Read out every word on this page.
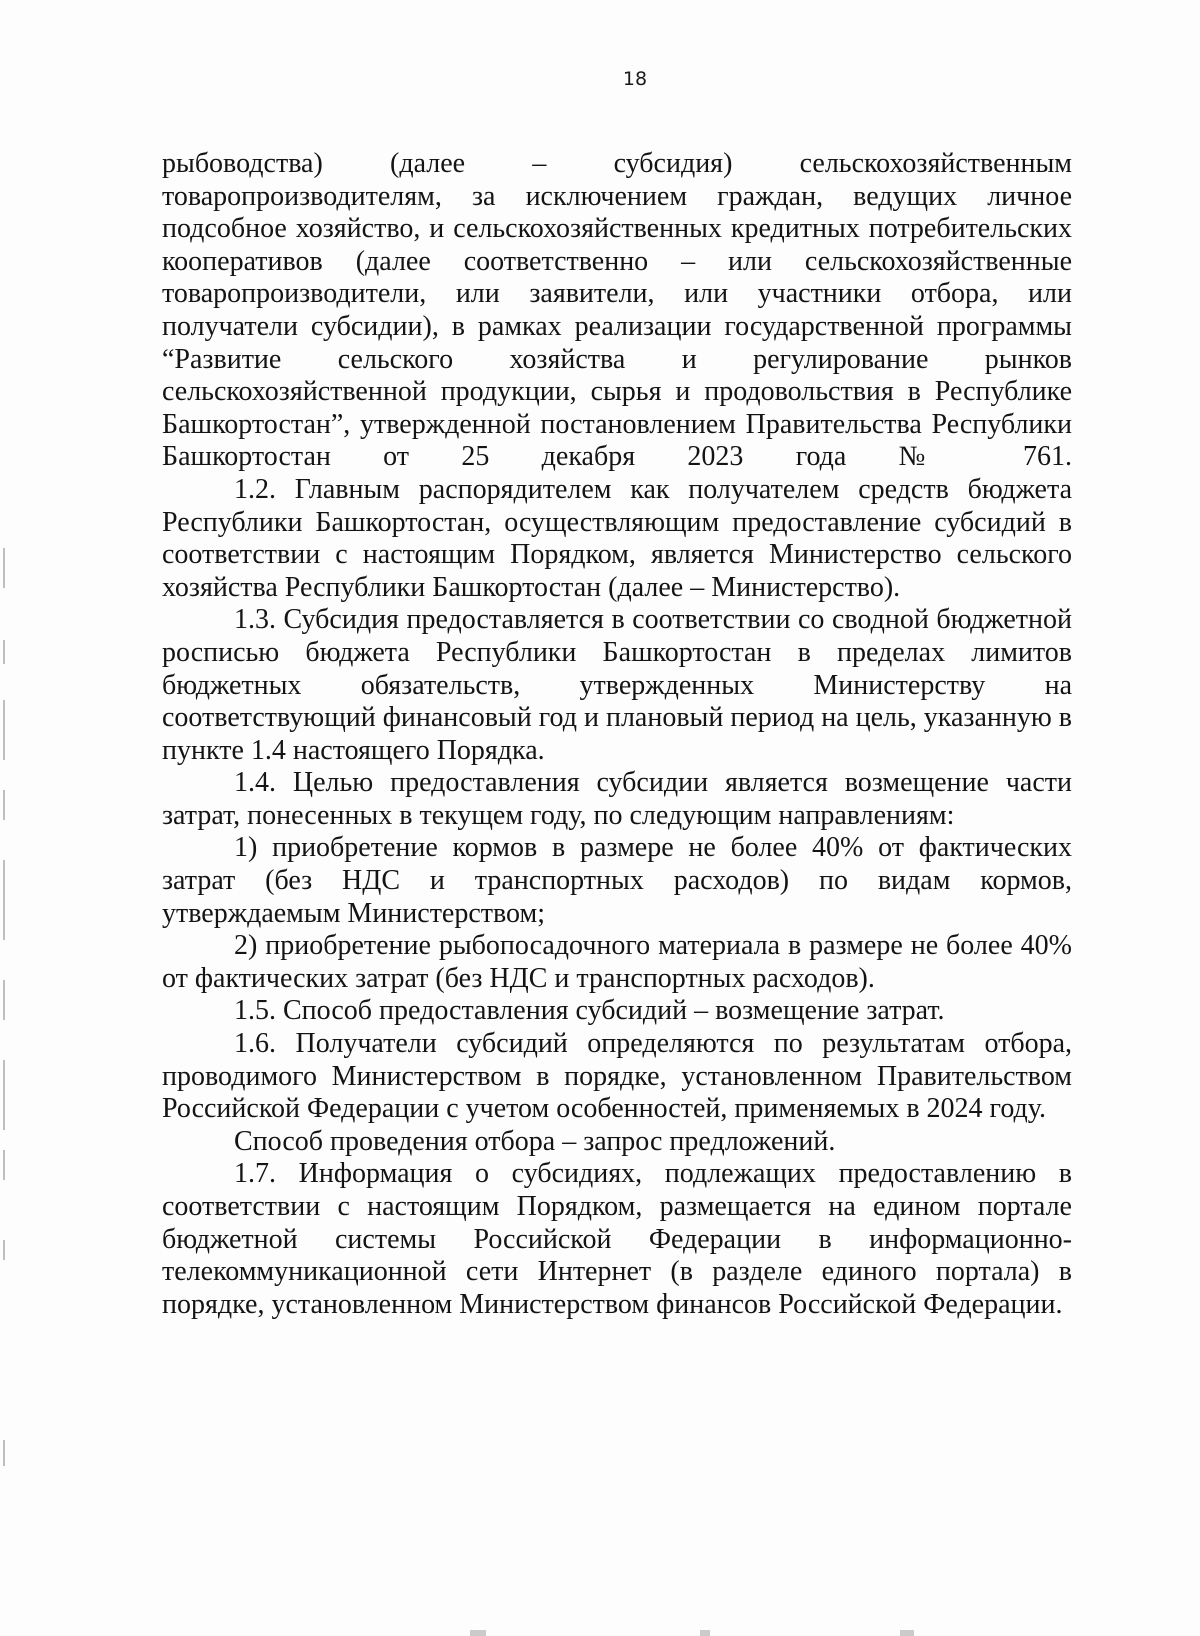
18

рыбоводства) (далее – субсидия) сельскохозяйственным товаропроизводителям, за исключением граждан, ведущих личное подсобное хозяйство, и сельскохозяйственных кредитных потребительских кооперативов (далее соответственно – или сельскохозяйственные товаропроизводители, или заявители, или участники отбора, или получатели субсидии), в рамках реализации государственной программы “Развитие сельского хозяйства и регулирование рынков сельскохозяйственной продукции, сырья и продовольствия в Республике Башкортостан”, утвержденной постановлением Правительства Республики Башкортостан от 25 декабря 2023 года № 761.

1.2. Главным распорядителем как получателем средств бюджета Республики Башкортостан, осуществляющим предоставление субсидий в соответствии с настоящим Порядком, является Министерство сельского хозяйства Республики Башкортостан (далее – Министерство).

1.3. Субсидия предоставляется в соответствии со сводной бюджетной росписью бюджета Республики Башкортостан в пределах лимитов бюджетных обязательств, утвержденных Министерству на соответствующий финансовый год и плановый период на цель, указанную в пункте 1.4 настоящего Порядка.

1.4. Целью предоставления субсидии является возмещение части затрат, понесенных в текущем году, по следующим направлениям:

1) приобретение кормов в размере не более 40% от фактических затрат (без НДС и транспортных расходов) по видам кормов, утверждаемым Министерством;

2) приобретение рыбопосадочного материала в размере не более 40% от фактических затрат (без НДС и транспортных расходов).

1.5. Способ предоставления субсидий – возмещение затрат.

1.6. Получатели субсидий определяются по результатам отбора, проводимого Министерством в порядке, установленном Правительством Российской Федерации с учетом особенностей, применяемых в 2024 году.

Способ проведения отбора – запрос предложений.

1.7. Информация о субсидиях, подлежащих предоставлению в соответствии с настоящим Порядком, размещается на едином портале бюджетной системы Российской Федерации в информационно-телекоммуникационной сети Интернет (в разделе единого портала) в порядке, установленном Министерством финансов Российской Федерации.
